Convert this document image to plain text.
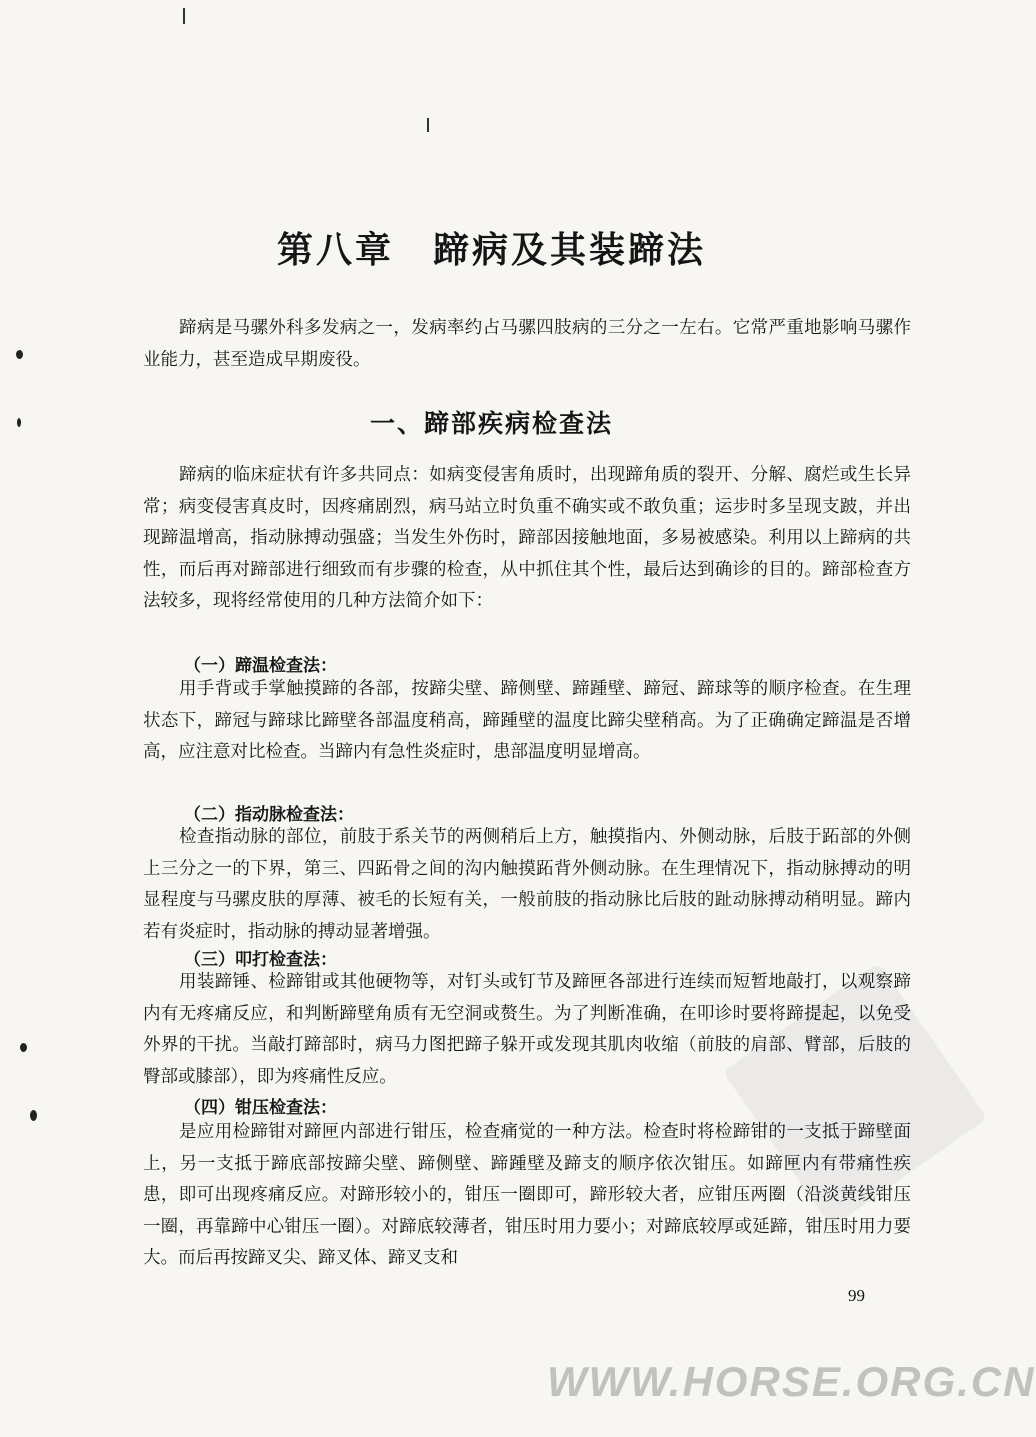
第八章　蹄病及其装蹄法

蹄病是马骡外科多发病之一，发病率约占马骡四肢病的三分之一左右。它常严重地影响马骡作业能力，甚至造成早期废役。

一、蹄部疾病检查法

蹄病的临床症状有许多共同点：如病变侵害角质时，出现蹄角质的裂开、分解、腐烂或生长异常；病变侵害真皮时，因疼痛剧烈，病马站立时负重不确实或不敢负重；运步时多呈现支跛，并出现蹄温增高，指动脉搏动强盛；当发生外伤时，蹄部因接触地面，多易被感染。利用以上蹄病的共性，而后再对蹄部进行细致而有步骤的检查，从中抓住其个性，最后达到确诊的目的。蹄部检查方法较多，现将经常使用的几种方法简介如下：

（一）蹄温检查法：

用手背或手掌触摸蹄的各部，按蹄尖壁、蹄侧壁、蹄踵壁、蹄冠、蹄球等的顺序检查。在生理状态下，蹄冠与蹄球比蹄壁各部温度稍高，蹄踵壁的温度比蹄尖壁稍高。为了正确确定蹄温是否增高，应注意对比检查。当蹄内有急性炎症时，患部温度明显增高。

（二）指动脉检查法：

检查指动脉的部位，前肢于系关节的两侧稍后上方，触摸指内、外侧动脉，后肢于跖部的外侧上三分之一的下界，第三、四跖骨之间的沟内触摸跖背外侧动脉。在生理情况下，指动脉搏动的明显程度与马骡皮肤的厚薄、被毛的长短有关，一般前肢的指动脉比后肢的趾动脉搏动稍明显。蹄内若有炎症时，指动脉的搏动显著增强。

（三）叩打检查法：

用装蹄锤、检蹄钳或其他硬物等，对钉头或钉节及蹄匣各部进行连续而短暂地敲打，以观察蹄内有无疼痛反应，和判断蹄壁角质有无空洞或赘生。为了判断准确，在叩诊时要将蹄提起，以免受外界的干扰。当敲打蹄部时，病马力图把蹄子躲开或发现其肌肉收缩（前肢的肩部、臂部，后肢的臀部或膝部），即为疼痛性反应。

（四）钳压检查法：

是应用检蹄钳对蹄匣内部进行钳压，检查痛觉的一种方法。检查时将检蹄钳的一支抵于蹄壁面上，另一支抵于蹄底部按蹄尖壁、蹄侧壁、蹄踵壁及蹄支的顺序依次钳压。如蹄匣内有带痛性疾患，即可出现疼痛反应。对蹄形较小的，钳压一圈即可，蹄形较大者，应钳压两圈（沿淡黄线钳压一圈，再靠蹄中心钳压一圈）。对蹄底较薄者，钳压时用力要小；对蹄底较厚或延蹄，钳压时用力要大。而后再按蹄叉尖、蹄叉体、蹄叉支和

99
WWW.HORSE.ORG.CN
